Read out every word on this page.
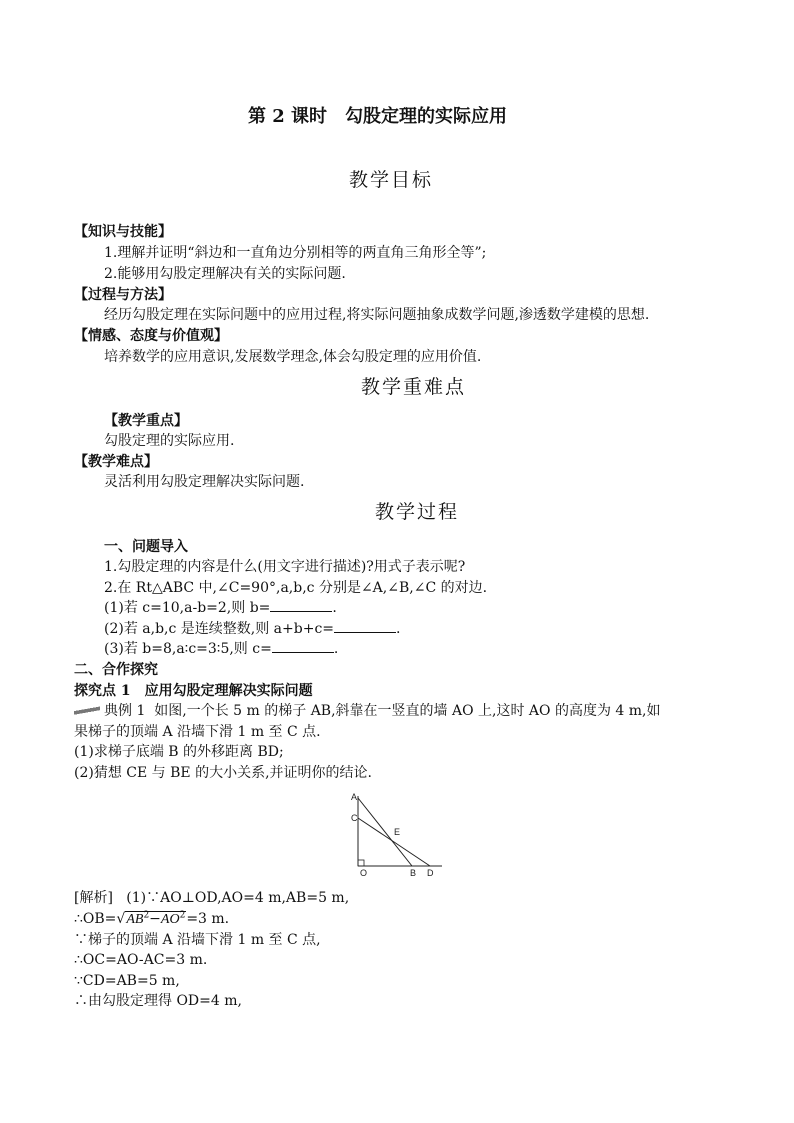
第 2 课时　勾股定理的实际应用
教学目标
【知识与技能】
1.理解并证明“斜边和一直角边分别相等的两直角三角形全等”;
2.能够用勾股定理解决有关的实际问题.
【过程与方法】
经历勾股定理在实际问题中的应用过程,将实际问题抽象成数学问题,渗透数学建模的思想.
【情感、态度与价值观】
培养数学的应用意识,发展数学理念,体会勾股定理的应用价值.
教学重难点
【教学重点】
勾股定理的实际应用.
【教学难点】
灵活利用勾股定理解决实际问题.
教学过程
一、问题导入
1.勾股定理的内容是什么(用文字进行描述)?用式子表示呢?
2.在 Rt△ABC 中,∠C=90°,a,b,c 分别是∠A,∠B,∠C 的对边.
(1)若 c=10,a-b=2,则 b=	.
(2)若 a,b,c 是连续整数,则 a+b+c=	.
(3)若 b=8,a∶c=3∶5,则 c=	.
二、合作探究
探究点 1　应用勾股定理解决实际问题
典例 1 如图,一个长 5 m 的梯子 AB,斜靠在一竖直的墙 AO 上,这时 AO 的高度为 4 m,如
果梯子的顶端 A 沿墙下滑 1 m 至 C 点.
(1)求梯子底端 B 的外移距离 BD;
(2)猜想 CE 与 BE 的大小关系,并证明你的结论.
A
C
E
O	B D
[解析] (1)∵AO⊥OD,AO=4 m,AB=5 m,
$\therefore OB=√AB^2-AO^2=3$ m.
∵梯子的顶端 A 沿墙下滑 1 m 至 C 点,
∴OC=AO-AC=3 m.
∵CD=AB=5 m,
∴由勾股定理得 OD=4 m,
